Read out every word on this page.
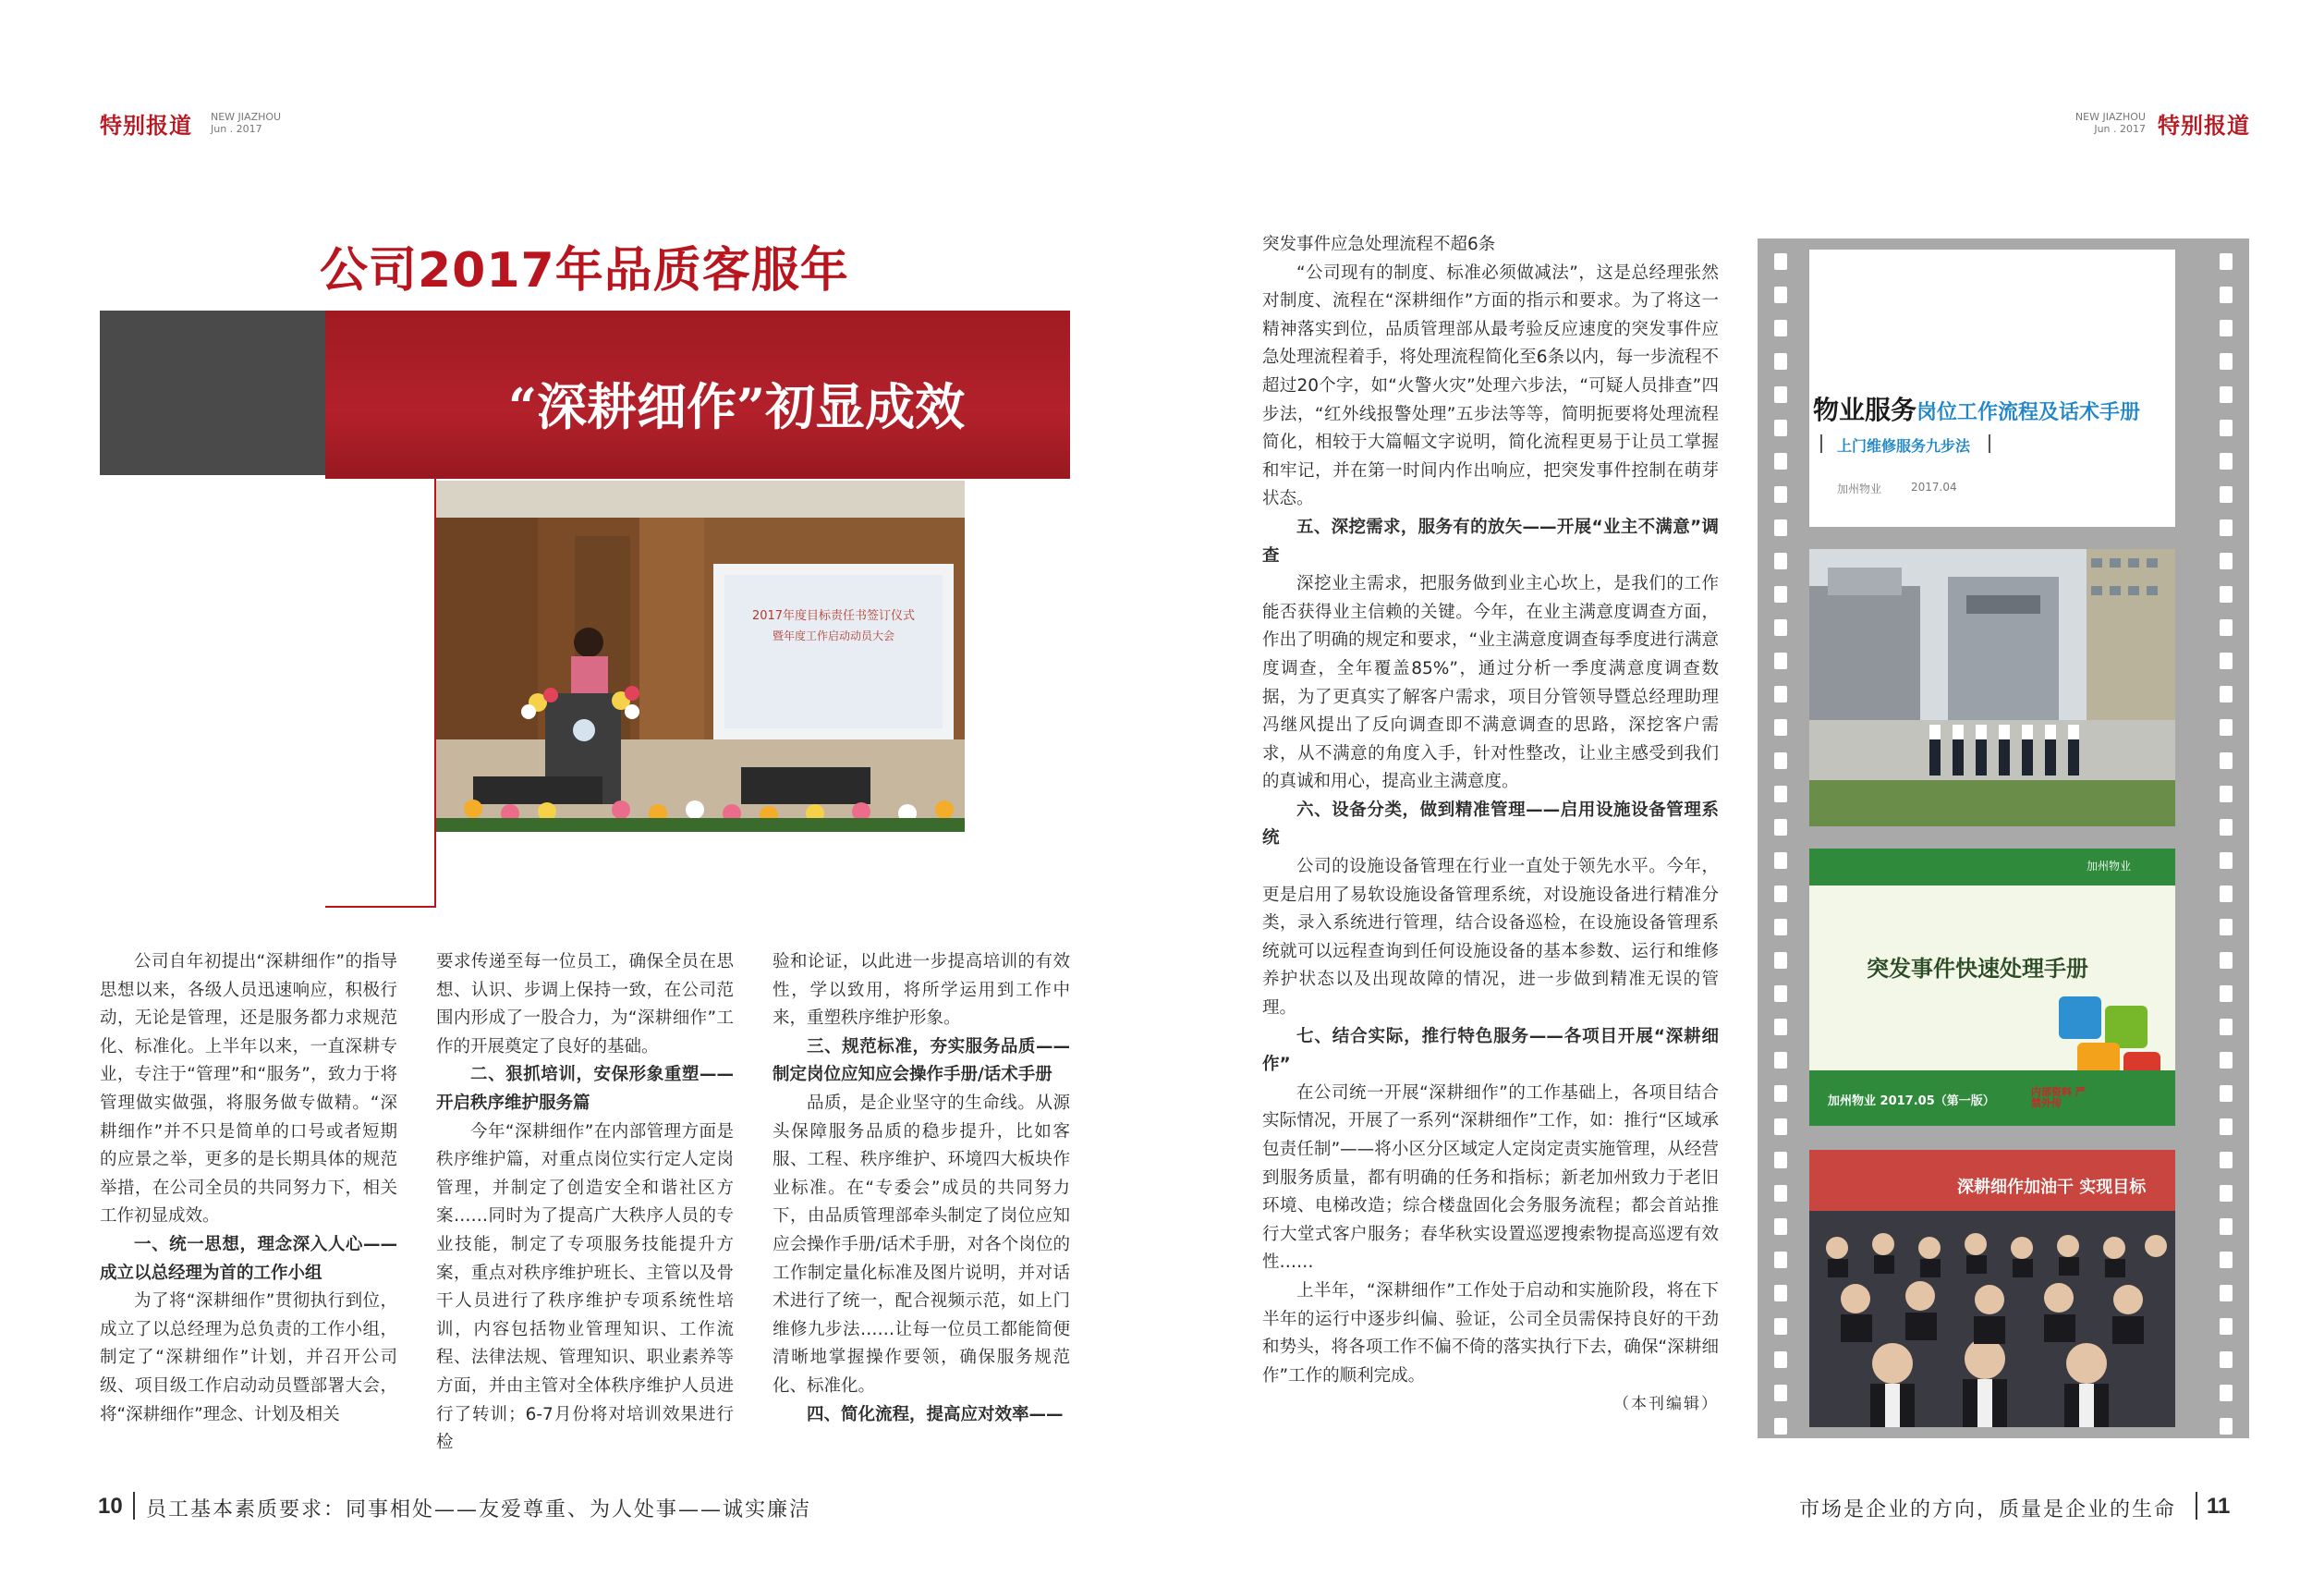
特别报道 NEW JIAZHOU
Jun . 2017
NEW JIAZHOU
Jun . 2017 特别报道
公司2017年品质客服年
“深耕细作”初显成效
2017年度目标责任书签订仪式
暨年度工作启动动员大会

公司自年初提出“深耕细作”的指导思想以来，各级人员迅速响应，积极行动，无论是管理，还是服务都力求规范化、标准化。上半年以来，一直深耕专业，专注于“管理”和“服务”，致力于将管理做实做强，将服务做专做精。“深耕细作”并不只是简单的口号或者短期的应景之举，更多的是长期具体的规范举措，在公司全员的共同努力下，相关工作初显成效。

一、统一思想，理念深入人心——成立以总经理为首的工作小组

为了将“深耕细作”贯彻执行到位，成立了以总经理为总负责的工作小组，制定了“深耕细作”计划，并召开公司级、项目级工作启动动员暨部署大会，将“深耕细作”理念、计划及相关

要求传递至每一位员工，确保全员在思想、认识、步调上保持一致，在公司范围内形成了一股合力，为“深耕细作”工作的开展奠定了良好的基础。

二、狠抓培训，安保形象重塑——开启秩序维护服务篇

今年“深耕细作”在内部管理方面是秩序维护篇，对重点岗位实行定人定岗管理，并制定了创造安全和谐社区方案……同时为了提高广大秩序人员的专业技能，制定了专项服务技能提升方案，重点对秩序维护班长、主管以及骨干人员进行了秩序维护专项系统性培训，内容包括物业管理知识、工作流程、法律法规、管理知识、职业素养等方面，并由主管对全体秩序维护人员进行了转训；6-7月份将对培训效果进行检

验和论证，以此进一步提高培训的有效性，学以致用，将所学运用到工作中来，重塑秩序维护形象。

三、规范标准，夯实服务品质——制定岗位应知应会操作手册/话术手册

品质，是企业坚守的生命线。从源头保障服务品质的稳步提升，比如客服、工程、秩序维护、环境四大板块作业标准。在“专委会”成员的共同努力下，由品质管理部牵头制定了岗位应知应会操作手册/话术手册，对各个岗位的工作制定量化标准及图片说明，并对话术进行了统一，配合视频示范，如上门维修九步法……让每一位员工都能简便清晰地掌握操作要领，确保服务规范化、标准化。

四、简化流程，提高应对效率——

突发事件应急处理流程不超6条

“公司现有的制度、标准必须做减法”，这是总经理张然对制度、流程在“深耕细作”方面的指示和要求。为了将这一精神落实到位，品质管理部从最考验反应速度的突发事件应急处理流程着手，将处理流程简化至6条以内，每一步流程不超过20个字，如“火警火灾”处理六步法，“可疑人员排查”四步法，“红外线报警处理”五步法等等，简明扼要将处理流程简化，相较于大篇幅文字说明，简化流程更易于让员工掌握和牢记，并在第一时间内作出响应，把突发事件控制在萌芽状态。

五、深挖需求，服务有的放矢——开展“业主不满意”调查

深挖业主需求，把服务做到业主心坎上，是我们的工作能否获得业主信赖的关键。今年，在业主满意度调查方面，作出了明确的规定和要求，“业主满意度调查每季度进行满意度调查，全年覆盖85%”，通过分析一季度满意度调查数据，为了更真实了解客户需求，项目分管领导暨总经理助理冯继风提出了反向调查即不满意调查的思路，深挖客户需求，从不满意的角度入手，针对性整改，让业主感受到我们的真诚和用心，提高业主满意度。

六、设备分类，做到精准管理——启用设施设备管理系统

公司的设施设备管理在行业一直处于领先水平。今年，更是启用了易软设施设备管理系统，对设施设备进行精准分类，录入系统进行管理，结合设备巡检，在设施设备管理系统就可以远程查询到任何设施设备的基本参数、运行和维修养护状态以及出现故障的情况，进一步做到精准无误的管理。

七、结合实际，推行特色服务——各项目开展“深耕细作”

在公司统一开展“深耕细作”的工作基础上，各项目结合实际情况，开展了一系列“深耕细作”工作，如：推行“区域承包责任制”——将小区分区域定人定岗定责实施管理，从经营到服务质量，都有明确的任务和指标；新老加州致力于老旧环境、电梯改造；综合楼盘固化会务服务流程；都会首站推行大堂式客户服务；春华秋实设置巡逻搜索物提高巡逻有效性……

上半年，“深耕细作”工作处于启动和实施阶段，将在下半年的运行中逐步纠偏、验证，公司全员需保持良好的干劲和势头，将各项工作不偏不倚的落实执行下去，确保“深耕细作”工作的顺利完成。

（本刊编辑）

物业服务岗位工作流程及话术手册
上门维修服务九步法
加州物业	2017.04
加州物业
突发事件快速处理手册
加州物业 2017.05（第一版）
内部资料 严禁外传
深耕细作加油干 实现目标
10 员工基本素质要求：同事相处——友爱尊重、为人处事——诚实廉洁	市场是企业的方向，质量是企业的生命 11
